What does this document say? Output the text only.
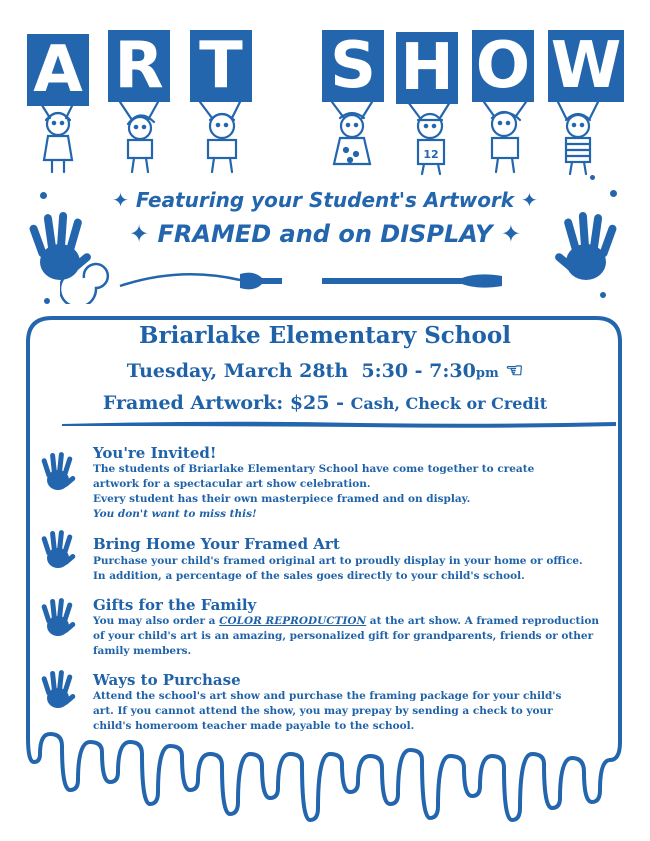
A R T S H O W
12
✦ Featuring your Student's Artwork ✦
✦ FRAMED and on DISPLAY ✦
Briarlake Elementary School
Tuesday, March 28th 5:30 - 7:30pm ☜
Framed Artwork: $25 - Cash, Check or Credit
You're Invited!
The students of Briarlake Elementary School have come together to create
artwork for a spectacular art show celebration.
Every student has their own masterpiece framed and on display.
You don't want to miss this!
Bring Home Your Framed Art
Purchase your child's framed original art to proudly display in your home or office.
In addition, a percentage of the sales goes directly to your child's school.
Gifts for the Family
You may also order a COLOR REPRODUCTION at the art show. A framed reproduction
of your child's art is an amazing, personalized gift for grandparents, friends or other
family members.
Ways to Purchase
Attend the school's art show and purchase the framing package for your child's
art. If you cannot attend the show, you may prepay by sending a check to your
child's homeroom teacher made payable to the school.
